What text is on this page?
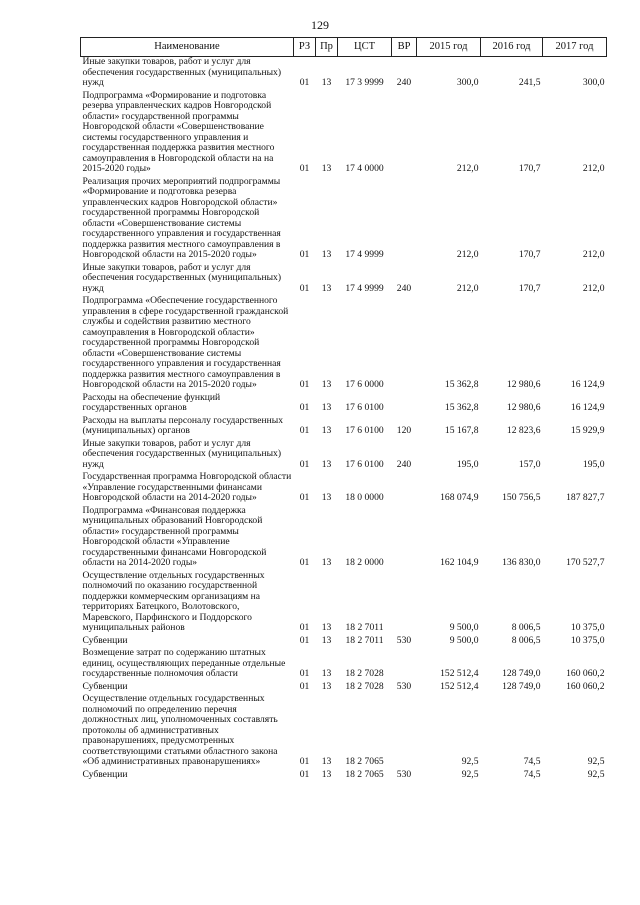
129
Наименование	РЗ	Пр	ЦСТ	ВР	2015 год	2016 год	2017 год
Иные закупки товаров, работ и услуг для обеспечения государственных (муниципальных) нужд	01	13	17 3 9999	240	300,0	241,5	300,0
Подпрограмма «Формирование и подготовка резерва управленческих кадров Новгородской области» государственной программы Новгородской области «Совершенствование системы государственного управления и государственная поддержка развития местного самоуправления в Новгородской области на на 2015-2020 годы»	01	13	17 4 0000		212,0	170,7	212,0
Реализация прочих мероприятий подпрограммы «Формирование и подготовка резерва управленческих кадров Новгородской области» государственной программы Новгородской области «Совершенствование системы государственного управления и государственная поддержка развития местного самоуправления в Новгородской области на 2015-2020 годы»	01	13	17 4 9999		212,0	170,7	212,0
Иные закупки товаров, работ и услуг для обеспечения государственных (муниципальных) нужд	01	13	17 4 9999	240	212,0	170,7	212,0
Подпрограмма «Обеспечение государственного управления в сфере государственной гражданской службы и содействия развитию местного самоуправления в Новгородской области» государственной программы Новгородской области «Совершенствование системы государственного управления и государственная поддержка развития местного самоуправления в Новгородской области на 2015-2020 годы»	01	13	17 6 0000		15 362,8	12 980,6	16 124,9
Расходы на обеспечение функций государственных органов	01	13	17 6 0100		15 362,8	12 980,6	16 124,9
Расходы на выплаты персоналу государственных (муниципальных) органов	01	13	17 6 0100	120	15 167,8	12 823,6	15 929,9
Иные закупки товаров, работ и услуг для обеспечения государственных (муниципальных) нужд	01	13	17 6 0100	240	195,0	157,0	195,0
Государственная программа Новгородской области «Управление государственными финансами Новгородской области на 2014-2020 годы»	01	13	18 0 0000		168 074,9	150 756,5	187 827,7
Подпрограмма «Финансовая поддержка муниципальных образований Новгородской области» государственной программы Новгородской области «Управление государственными финансами Новгородской области на 2014-2020 годы»	01	13	18 2 0000		162 104,9	136 830,0	170 527,7
Осуществление отдельных государственных полномочий по оказанию государственной поддержки коммерческим организациям на территориях Батецкого, Волотовского, Маревского, Парфинского и Поддорского муниципальных районов	01	13	18 2 7011		9 500,0	8 006,5	10 375,0
Субвенции	01	13	18 2 7011	530	9 500,0	8 006,5	10 375,0
Возмещение затрат по содержанию штатных единиц, осуществляющих переданные отдельные государственные полномочия области	01	13	18 2 7028		152 512,4	128 749,0	160 060,2
Субвенции	01	13	18 2 7028	530	152 512,4	128 749,0	160 060,2
Осуществление отдельных государственных полномочий по определению перечня должностных лиц, уполномоченных составлять протоколы об административных правонарушениях, предусмотренных соответствующими статьями областного закона «Об административных правонарушениях»	01	13	18 2 7065		92,5	74,5	92,5
Субвенции	01	13	18 2 7065	530	92,5	74,5	92,5
